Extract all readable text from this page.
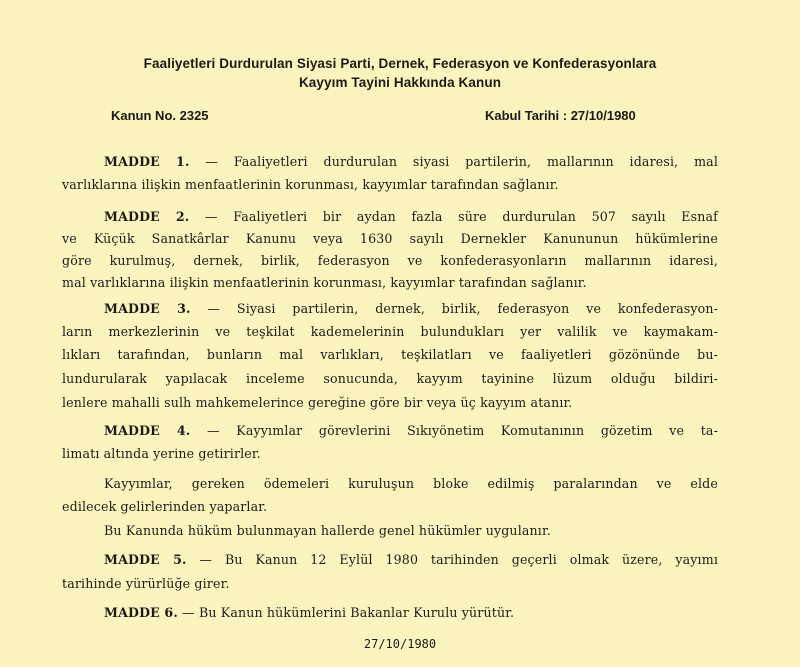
Faaliyetleri Durdurulan Siyasi Parti, Dernek, Federasyon ve Konfederasyonlara
Kayyım Tayini Hakkında Kanun
Kanun No. 2325	Kabul Tarihi : 27/10/1980
MADDE 1. — Faaliyetleri durdurulan siyasi partilerin, mallarının idaresi, mal
varlıklarına ilişkin menfaatlerinin korunması, kayyımlar tarafından sağlanır.
MADDE 2. — Faaliyetleri bir aydan fazla süre durdurulan 507 sayılı Esnaf
ve Küçük Sanatkârlar Kanunu veya 1630 sayılı Dernekler Kanununun hükümlerine
göre kurulmuş, dernek, birlik, federasyon ve konfederasyonların mallarının idaresi,
mal varlıklarına ilişkin menfaatlerinin korunması, kayyımlar tarafından sağlanır.
MADDE 3. — Siyasi partilerin, dernek, birlik, federasyon ve konfederasyon-
ların merkezlerinin ve teşkilat kademelerinin bulundukları yer valilik ve kaymakam-
lıkları tarafından, bunların mal varlıkları, teşkilatları ve faaliyetleri gözönünde bu-
lundurularak yapılacak inceleme sonucunda, kayyım tayinine lüzum olduğu bildiri-
lenlere mahalli sulh mahkemelerince gereğine göre bir veya üç kayyım atanır.
MADDE 4. — Kayyımlar görevlerini Sıkıyönetim Komutanının gözetim ve ta-
limatı altında yerine getirirler.
Kayyımlar, gereken ödemeleri kuruluşun bloke edilmiş paralarından ve elde
edilecek gelirlerinden yaparlar.
Bu Kanunda hüküm bulunmayan hallerde genel hükümler uygulanır.
MADDE 5. — Bu Kanun 12 Eylül 1980 tarihinden geçerli olmak üzere, yayımı
tarihinde yürürlüğe girer.
MADDE 6. — Bu Kanun hükümlerini Bakanlar Kurulu yürütür.
27/10/1980
